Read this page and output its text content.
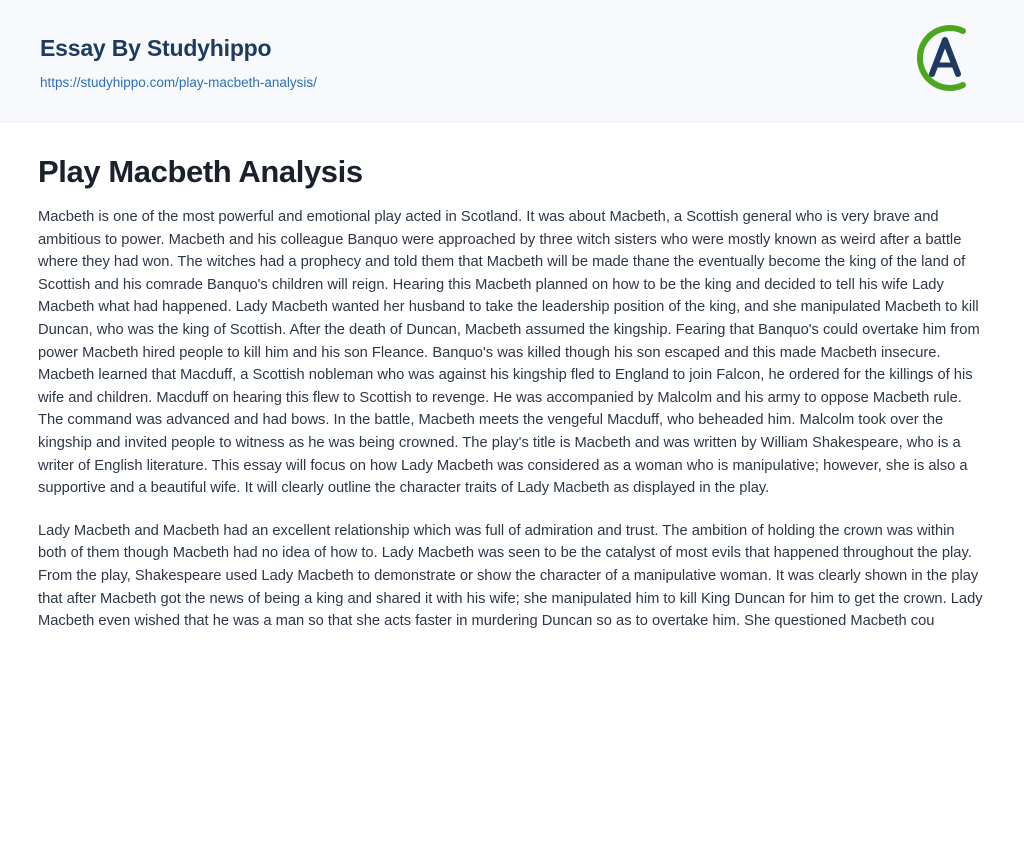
Essay By Studyhippo
https://studyhippo.com/play-macbeth-analysis/
Play Macbeth Analysis

Macbeth is one of the most powerful and emotional play acted in Scotland. It was about Macbeth, a Scottish general who is very brave and ambitious to power. Macbeth and his colleague Banquo were approached by three witch sisters who were mostly known as weird after a battle where they had won. The witches had a prophecy and told them that Macbeth will be made thane the eventually become the king of the land of Scottish and his comrade Banquo's children will reign. Hearing this Macbeth planned on how to be the king and decided to tell his wife Lady Macbeth what had happened. Lady Macbeth wanted her husband to take the leadership position of the king, and she manipulated Macbeth to kill Duncan, who was the king of Scottish. After the death of Duncan, Macbeth assumed the kingship. Fearing that Banquo's could overtake him from power Macbeth hired people to kill him and his son Fleance. Banquo's was killed though his son escaped and this made Macbeth insecure. Macbeth learned that Macduff, a Scottish nobleman who was against his kingship fled to England to join Falcon, he ordered for the killings of his wife and children. Macduff on hearing this flew to Scottish to revenge. He was accompanied by Malcolm and his army to oppose Macbeth rule. The command was advanced and had bows. In the battle, Macbeth meets the vengeful Macduff, who beheaded him. Malcolm took over the kingship and invited people to witness as he was being crowned. The play's title is Macbeth and was written by William Shakespeare, who is a writer of English literature. This essay will focus on how Lady Macbeth was considered as a woman who is manipulative; however, she is also a supportive and a beautiful wife. It will clearly outline the character traits of Lady Macbeth as displayed in the play.

Lady Macbeth and Macbeth had an excellent relationship which was full of admiration and trust. The ambition of holding the crown was within both of them though Macbeth had no idea of how to. Lady Macbeth was seen to be the catalyst of most evils that happened throughout the play. From the play, Shakespeare used Lady Macbeth to demonstrate or show the character of a manipulative woman. It was clearly shown in the play that after Macbeth got the news of being a king and shared it with his wife; she manipulated him to kill King Duncan for him to get the crown. Lady Macbeth even wished that he was a man so that she acts faster in murdering Duncan so as to overtake him. She questioned Macbeth cou
